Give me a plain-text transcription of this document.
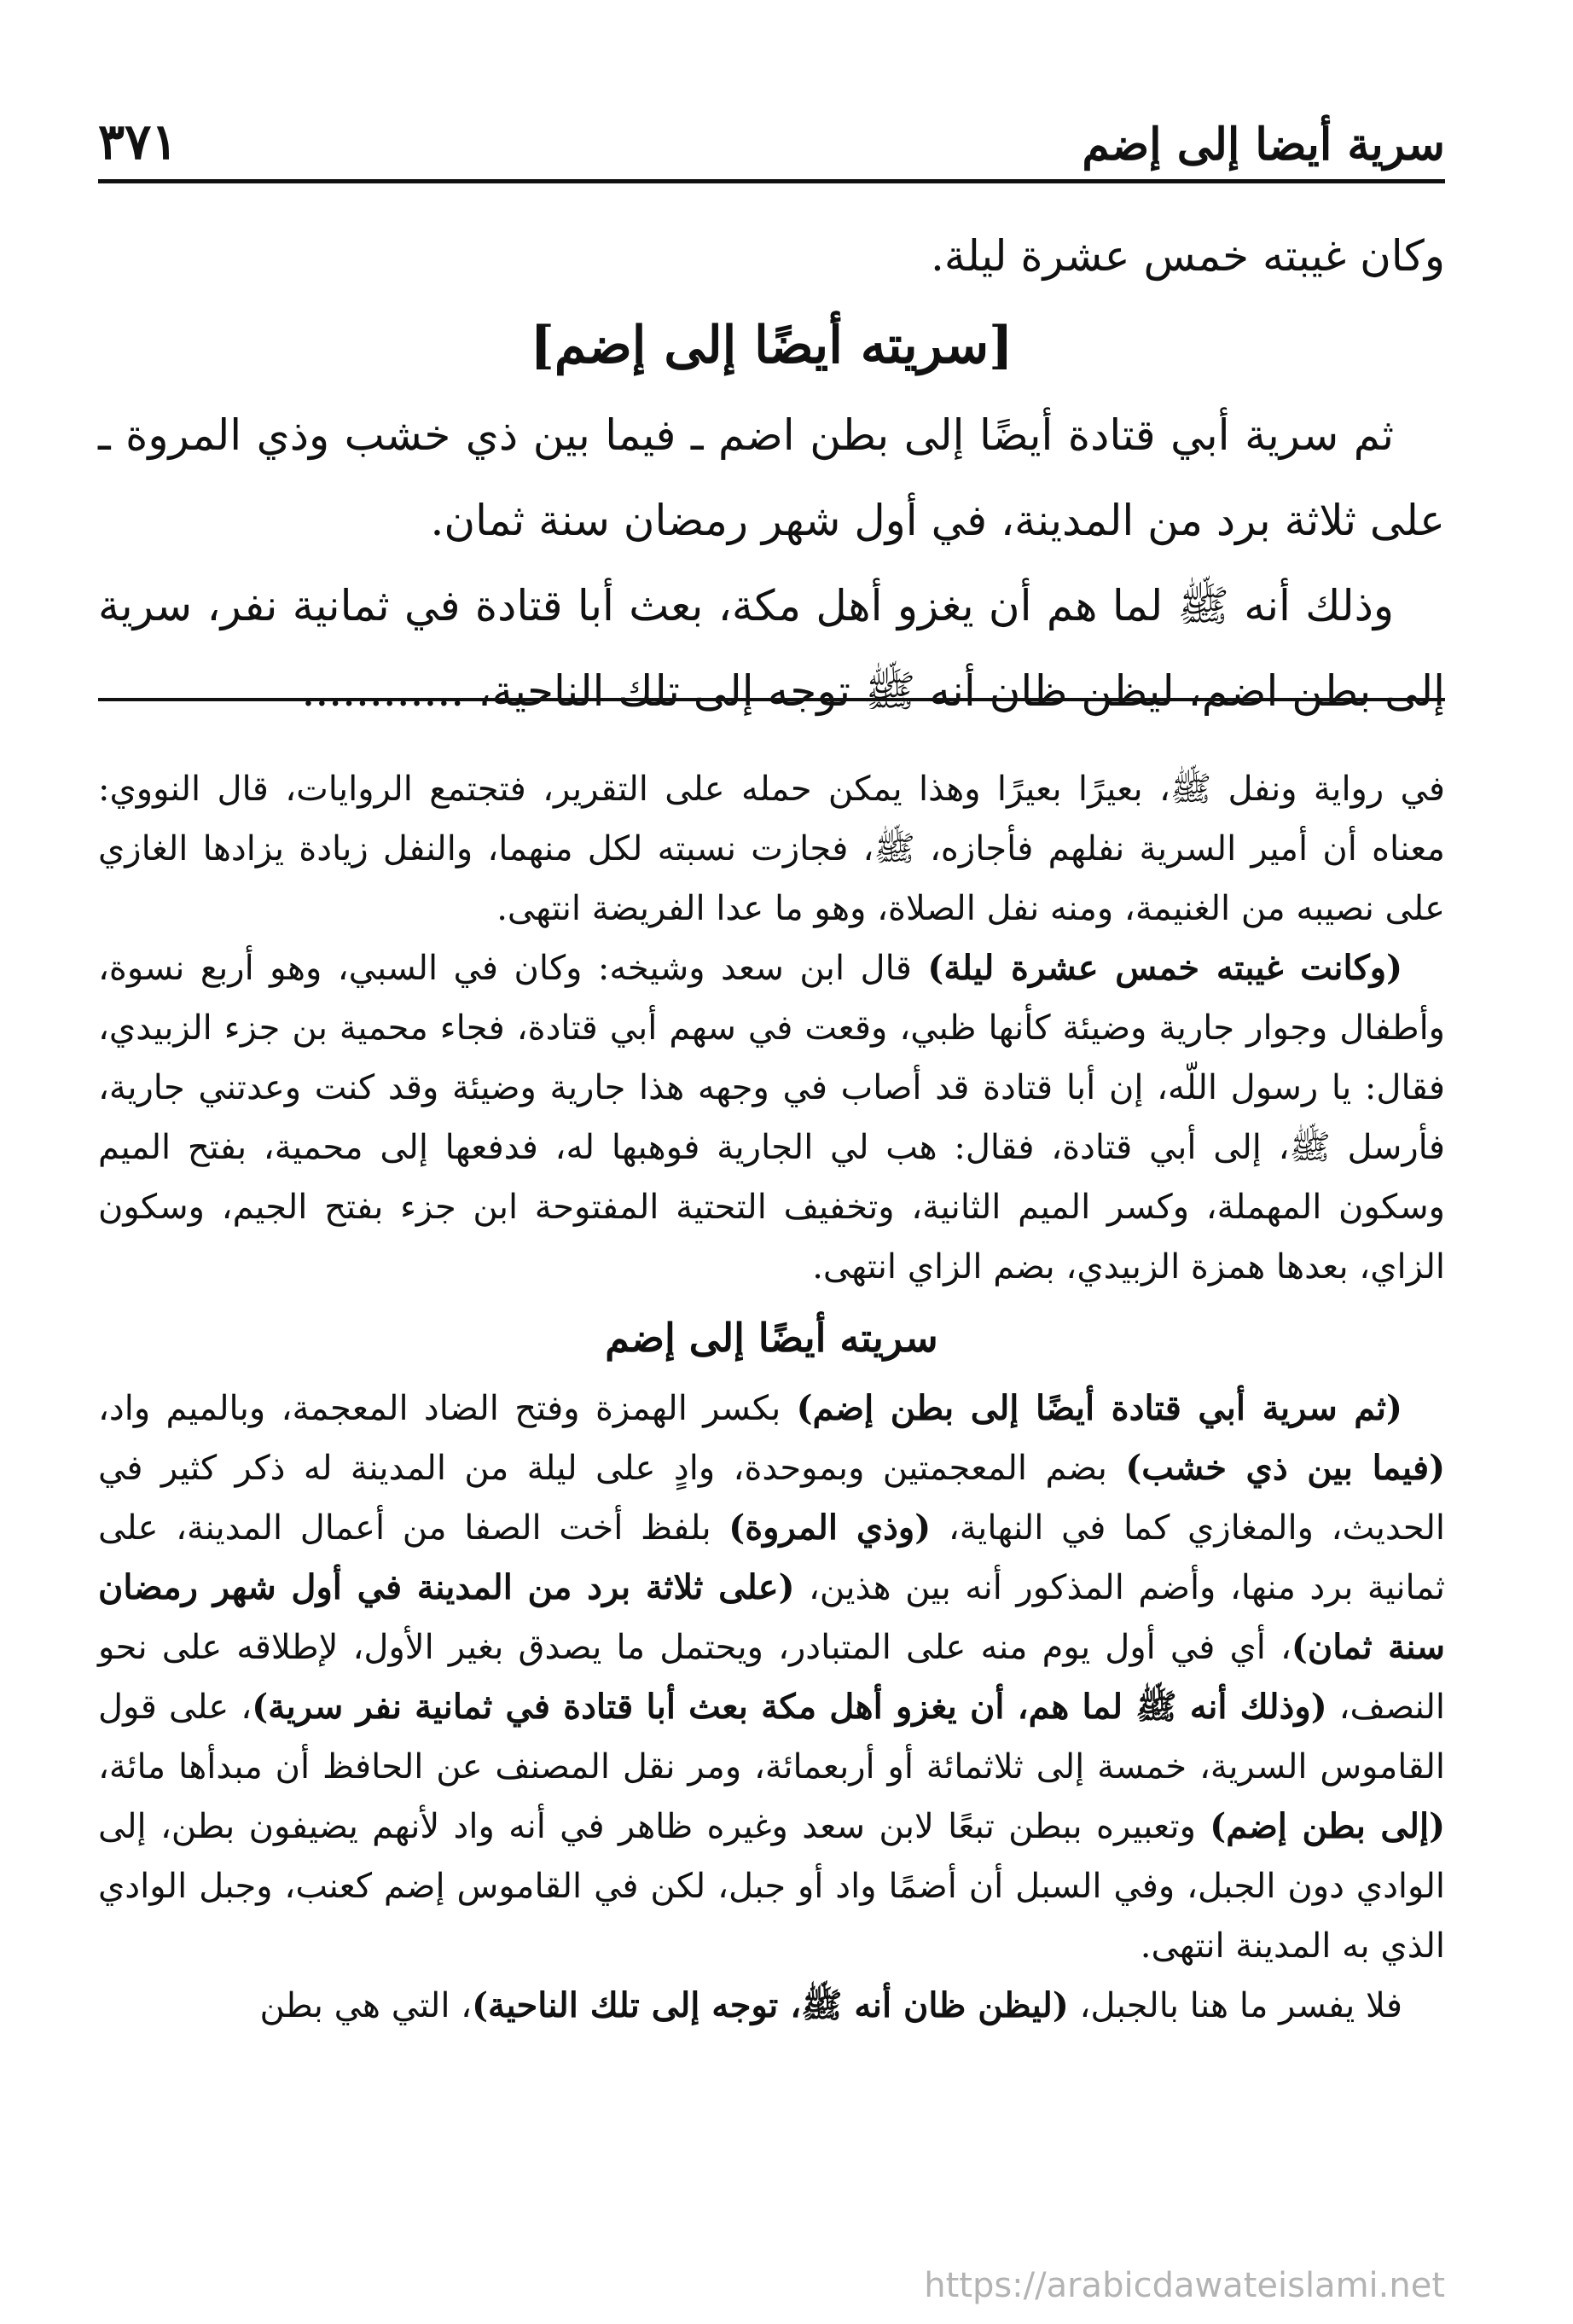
سرية أيضا إلى إضم
٣٧١

وكان غيبته خمس عشرة ليلة.

[سريته أيضًا إلى إضم]

ثم سرية أبي قتادة أيضًا إلى بطن اضم ـ فيما بين ذي خشب وذي المروة ـ على ثلاثة برد من المدينة، في أول شهر رمضان سنة ثمان.

وذلك أنه ﷺ لما هم أن يغزو أهل مكة، بعث أبا قتادة في ثمانية نفر، سرية إلى بطن اضم، ليظن ظان أنه ﷺ توجه إلى تلك الناحية، ............

في رواية ونفل ﷺ، بعيرًا بعيرًا وهذا يمكن حمله على التقرير، فتجتمع الروايات، قال النووي: معناه أن أمير السرية نفلهم فأجازه، ﷺ، فجازت نسبته لكل منهما، والنفل زيادة يزادها الغازي على نصيبه من الغنيمة، ومنه نفل الصلاة، وهو ما عدا الفريضة انتهى.

(وكانت غيبته خمس عشرة ليلة) قال ابن سعد وشيخه: وكان في السبي، وهو أربع نسوة، وأطفال وجوار جارية وضيئة كأنها ظبي، وقعت في سهم أبي قتادة، فجاء محمية بن جزء الزبيدي، فقال: يا رسول اللّه، إن أبا قتادة قد أصاب في وجهه هذا جارية وضيئة وقد كنت وعدتني جارية، فأرسل ﷺ، إلى أبي قتادة، فقال: هب لي الجارية فوهبها له، فدفعها إلى محمية، بفتح الميم وسكون المهملة، وكسر الميم الثانية، وتخفيف التحتية المفتوحة ابن جزء بفتح الجيم، وسكون الزاي، بعدها همزة الزبيدي، بضم الزاي انتهى.

سريته أيضًا إلى إضم

(ثم سرية أبي قتادة أيضًا إلى بطن إضم) بكسر الهمزة وفتح الضاد المعجمة، وبالميم واد، (فيما بين ذي خشب) بضم المعجمتين وبموحدة، وادٍ على ليلة من المدينة له ذكر كثير في الحديث، والمغازي كما في النهاية، (وذي المروة) بلفظ أخت الصفا من أعمال المدينة، على ثمانية برد منها، وأضم المذكور أنه بين هذين، (على ثلاثة برد من المدينة في أول شهر رمضان سنة ثمان)، أي في أول يوم منه على المتبادر، ويحتمل ما يصدق بغير الأول، لإطلاقه على نحو النصف، (وذلك أنه ﷺ لما هم، أن يغزو أهل مكة بعث أبا قتادة في ثمانية نفر سرية)، على قول القاموس السرية، خمسة إلى ثلاثمائة أو أربعمائة، ومر نقل المصنف عن الحافظ أن مبدأها مائة، (إلى بطن إضم) وتعبيره ببطن تبعًا لابن سعد وغيره ظاهر في أنه واد لأنهم يضيفون بطن، إلى الوادي دون الجبل، وفي السبل أن أضمًا واد أو جبل، لكن في القاموس إضم كعنب، وجبل الوادي الذي به المدينة انتهى.

فلا يفسر ما هنا بالجبل، (ليظن ظان أنه ﷺ، توجه إلى تلك الناحية)، التي هي بطن

https://arabicdawateislami.net
